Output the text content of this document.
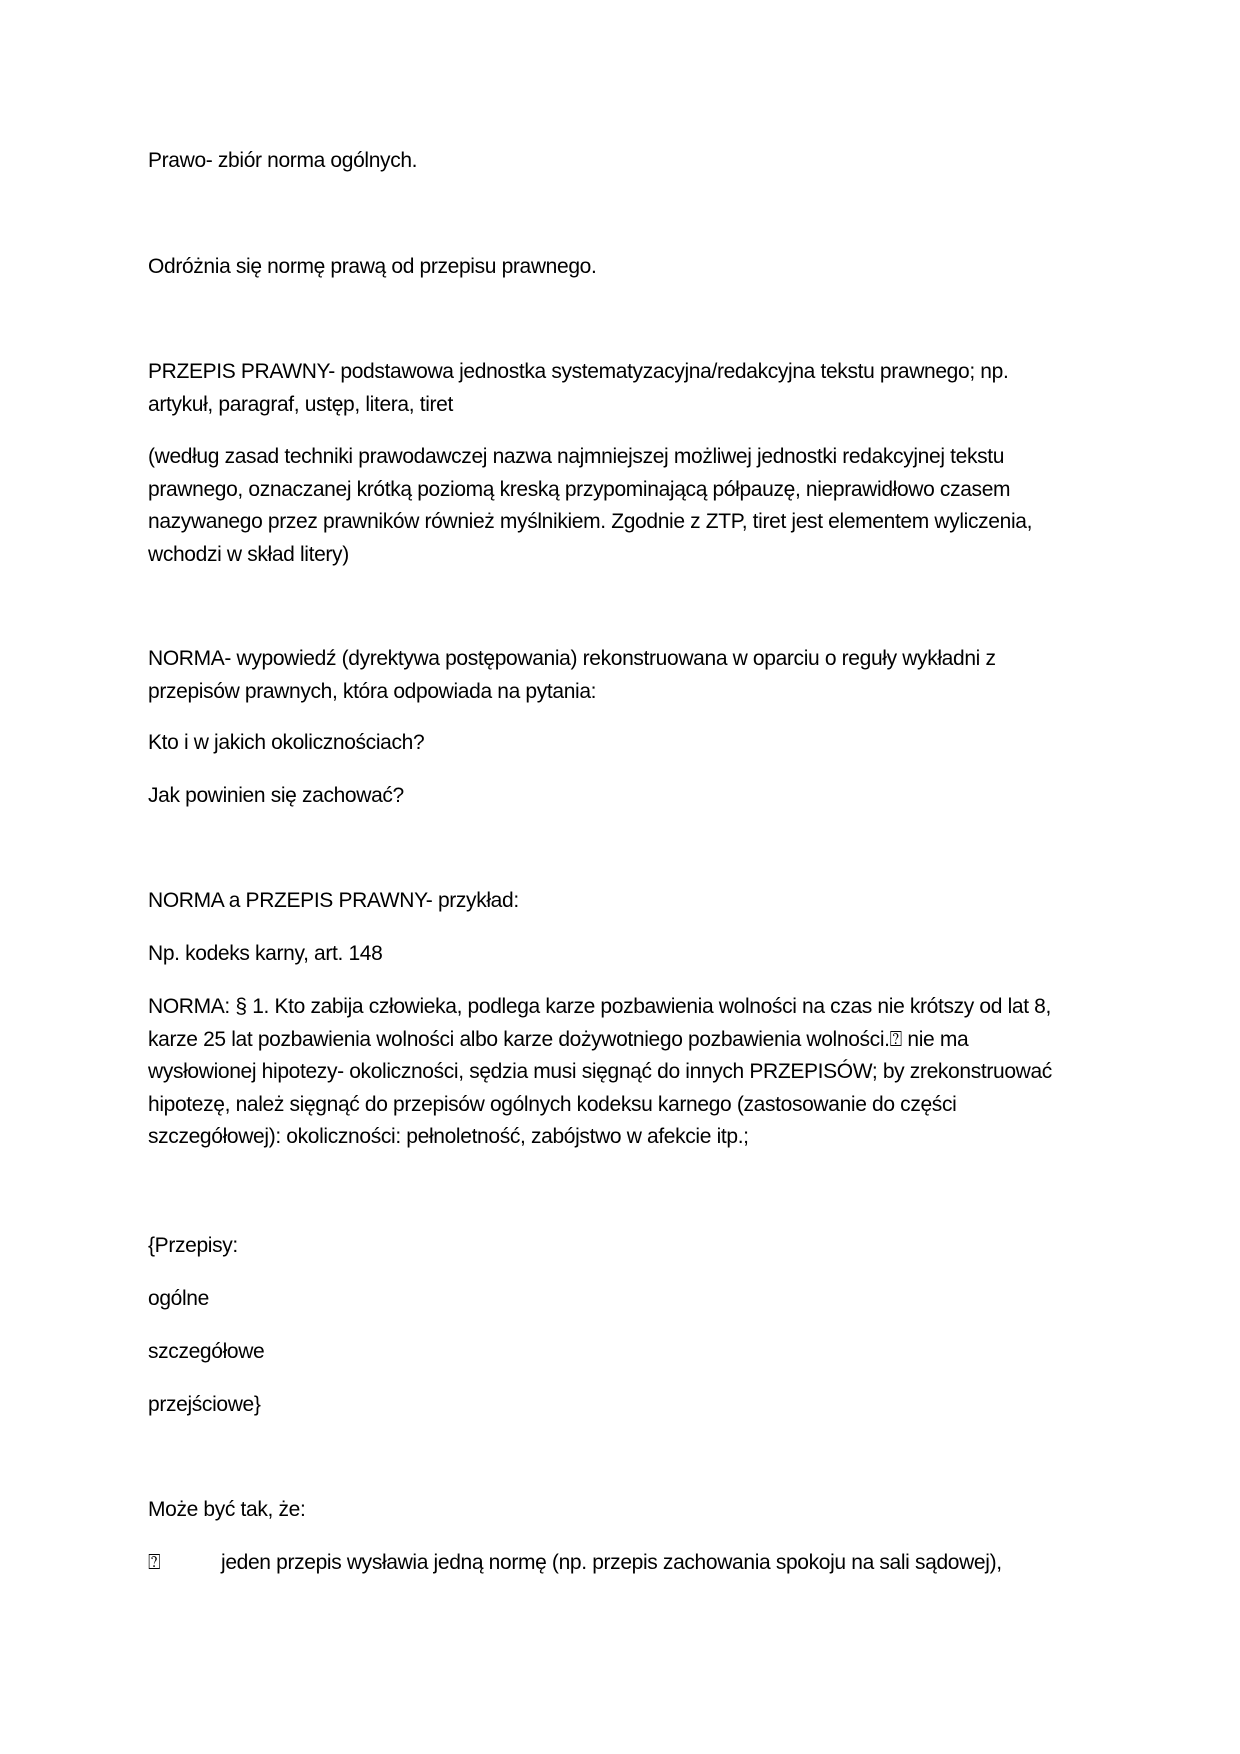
Prawo- zbiór norma ogólnych.
Odróżnia się normę prawą od przepisu prawnego.
PRZEPIS PRAWNY- podstawowa jednostka systematyzacyjna/redakcyjna tekstu prawnego; np.
artykuł, paragraf, ustęp, litera, tiret
(według zasad techniki prawodawczej nazwa najmniejszej możliwej jednostki redakcyjnej tekstu
prawnego, oznaczanej krótką poziomą kreską przypominającą półpauzę, nieprawidłowo czasem
nazywanego przez prawników również myślnikiem. Zgodnie z ZTP, tiret jest elementem wyliczenia,
wchodzi w skład litery)
NORMA- wypowiedź (dyrektywa postępowania) rekonstruowana w oparciu o reguły wykładni z
przepisów prawnych, która odpowiada na pytania:
Kto i w jakich okolicznościach?
Jak powinien się zachować?
NORMA a PRZEPIS PRAWNY- przykład:
Np. kodeks karny, art. 148
NORMA: § 1. Kto zabija człowieka, podlega karze pozbawienia wolności na czas nie krótszy od lat 8,
karze 25 lat pozbawienia wolności albo karze dożywotniego pozbawienia wolności.⍰ nie ma
wysłowionej hipotezy- okoliczności, sędzia musi sięgnąć do innych PRZEPISÓW; by zrekonstruować
hipotezę, należ sięgnąć do przepisów ogólnych kodeksu karnego (zastosowanie do części
szczegółowej): okoliczności: pełnoletność, zabójstwo w afekcie itp.;
{Przepisy:
ogólne
szczegółowe
przejściowe}
Może być tak, że:
⍰	jeden przepis wysławia jedną normę (np. przepis zachowania spokoju na sali sądowej),
